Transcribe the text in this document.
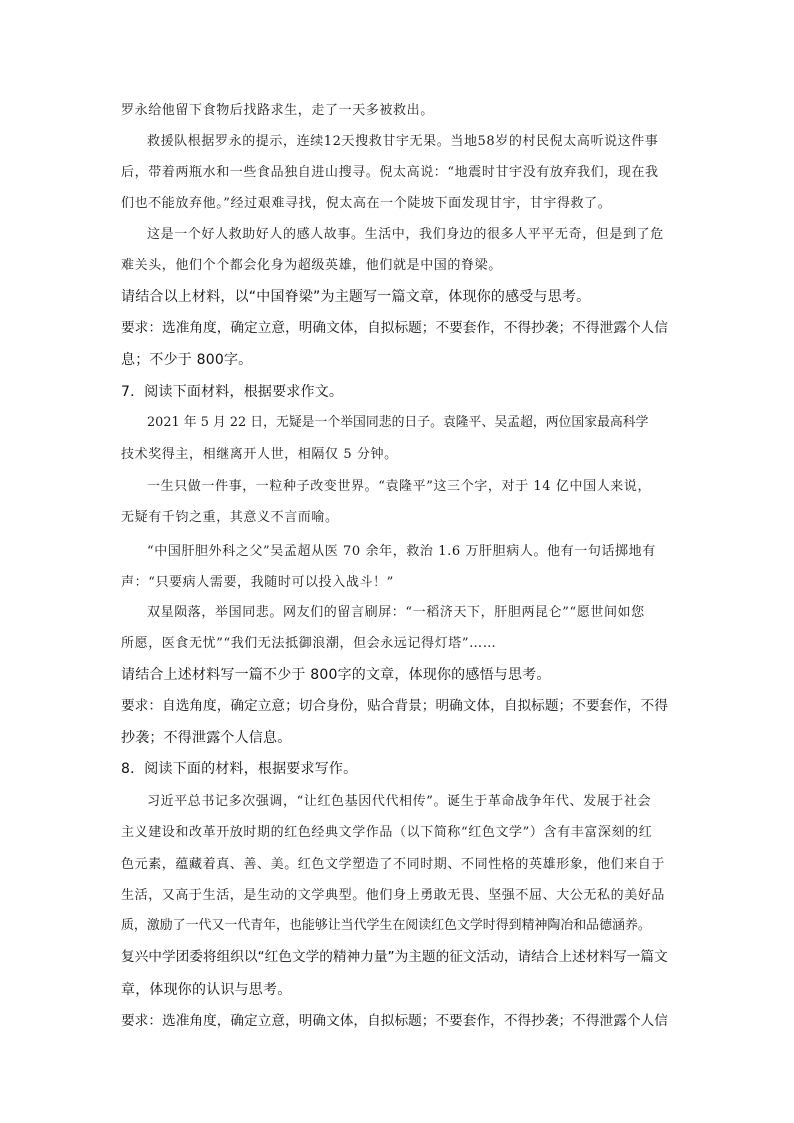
罗永给他留下食物后找路求生，走了一天多被救出。
救援队根据罗永的提示，连续12天搜救甘宇无果。当地58岁的村民倪太高听说这件事
后，带着两瓶水和一些食品独自进山搜寻。倪太高说：“地震时甘宇没有放弃我们，现在我
们也不能放弃他。”经过艰难寻找，倪太高在一个陡坡下面发现甘宇，甘宇得救了。
这是一个好人救助好人的感人故事。生活中，我们身边的很多人平平无奇，但是到了危
难关头，他们个个都会化身为超级英雄，他们就是中国的脊梁。
请结合以上材料，以“中国脊梁”为主题写一篇文章，体现你的感受与思考。
要求：选准角度，确定立意，明确文体，自拟标题；不要套作，不得抄袭；不得泄露个人信
息；不少于 800字。
7．阅读下面材料，根据要求作文。
2021 年 5 月 22 日，无疑是一个举国同悲的日子。袁隆平、吴孟超，两位国家最高科学
技术奖得主，相继离开人世，相隔仅 5 分钟。
一生只做一件事，一粒种子改变世界。“袁隆平”这三个字，对于 14 亿中国人来说，
无疑有千钧之重，其意义不言而喻。
“中国肝胆外科之父”吴孟超从医 70 余年，救治 1.6 万肝胆病人。他有一句话掷地有
声：“只要病人需要，我随时可以投入战斗！”
双星陨落，举国同悲。网友们的留言刷屏：“一稻济天下，肝胆两昆仑”“愿世间如您
所愿，医食无忧”“我们无法抵御浪潮，但会永远记得灯塔”……
请结合上述材料写一篇不少于 800字的文章，体现你的感悟与思考。
要求：自选角度，确定立意；切合身份，贴合背景；明确文体，自拟标题；不要套作，不得
抄袭；不得泄露个人信息。
8．阅读下面的材料，根据要求写作。
习近平总书记多次强调，“让红色基因代代相传”。诞生于革命战争年代、发展于社会
主义建设和改革开放时期的红色经典文学作品（以下简称“红色文学”）含有丰富深刻的红
色元素，蕴藏着真、善、美。红色文学塑造了不同时期、不同性格的英雄形象，他们来自于
生活，又高于生活，是生动的文学典型。他们身上勇敢无畏、坚强不屈、大公无私的美好品
质，激励了一代又一代青年，也能够让当代学生在阅读红色文学时得到精神陶冶和品德涵养。
复兴中学团委将组织以“红色文学的精神力量”为主题的征文活动，请结合上述材料写一篇文
章，体现你的认识与思考。
要求：选准角度，确定立意，明确文体，自拟标题；不要套作，不得抄袭；不得泄露个人信
